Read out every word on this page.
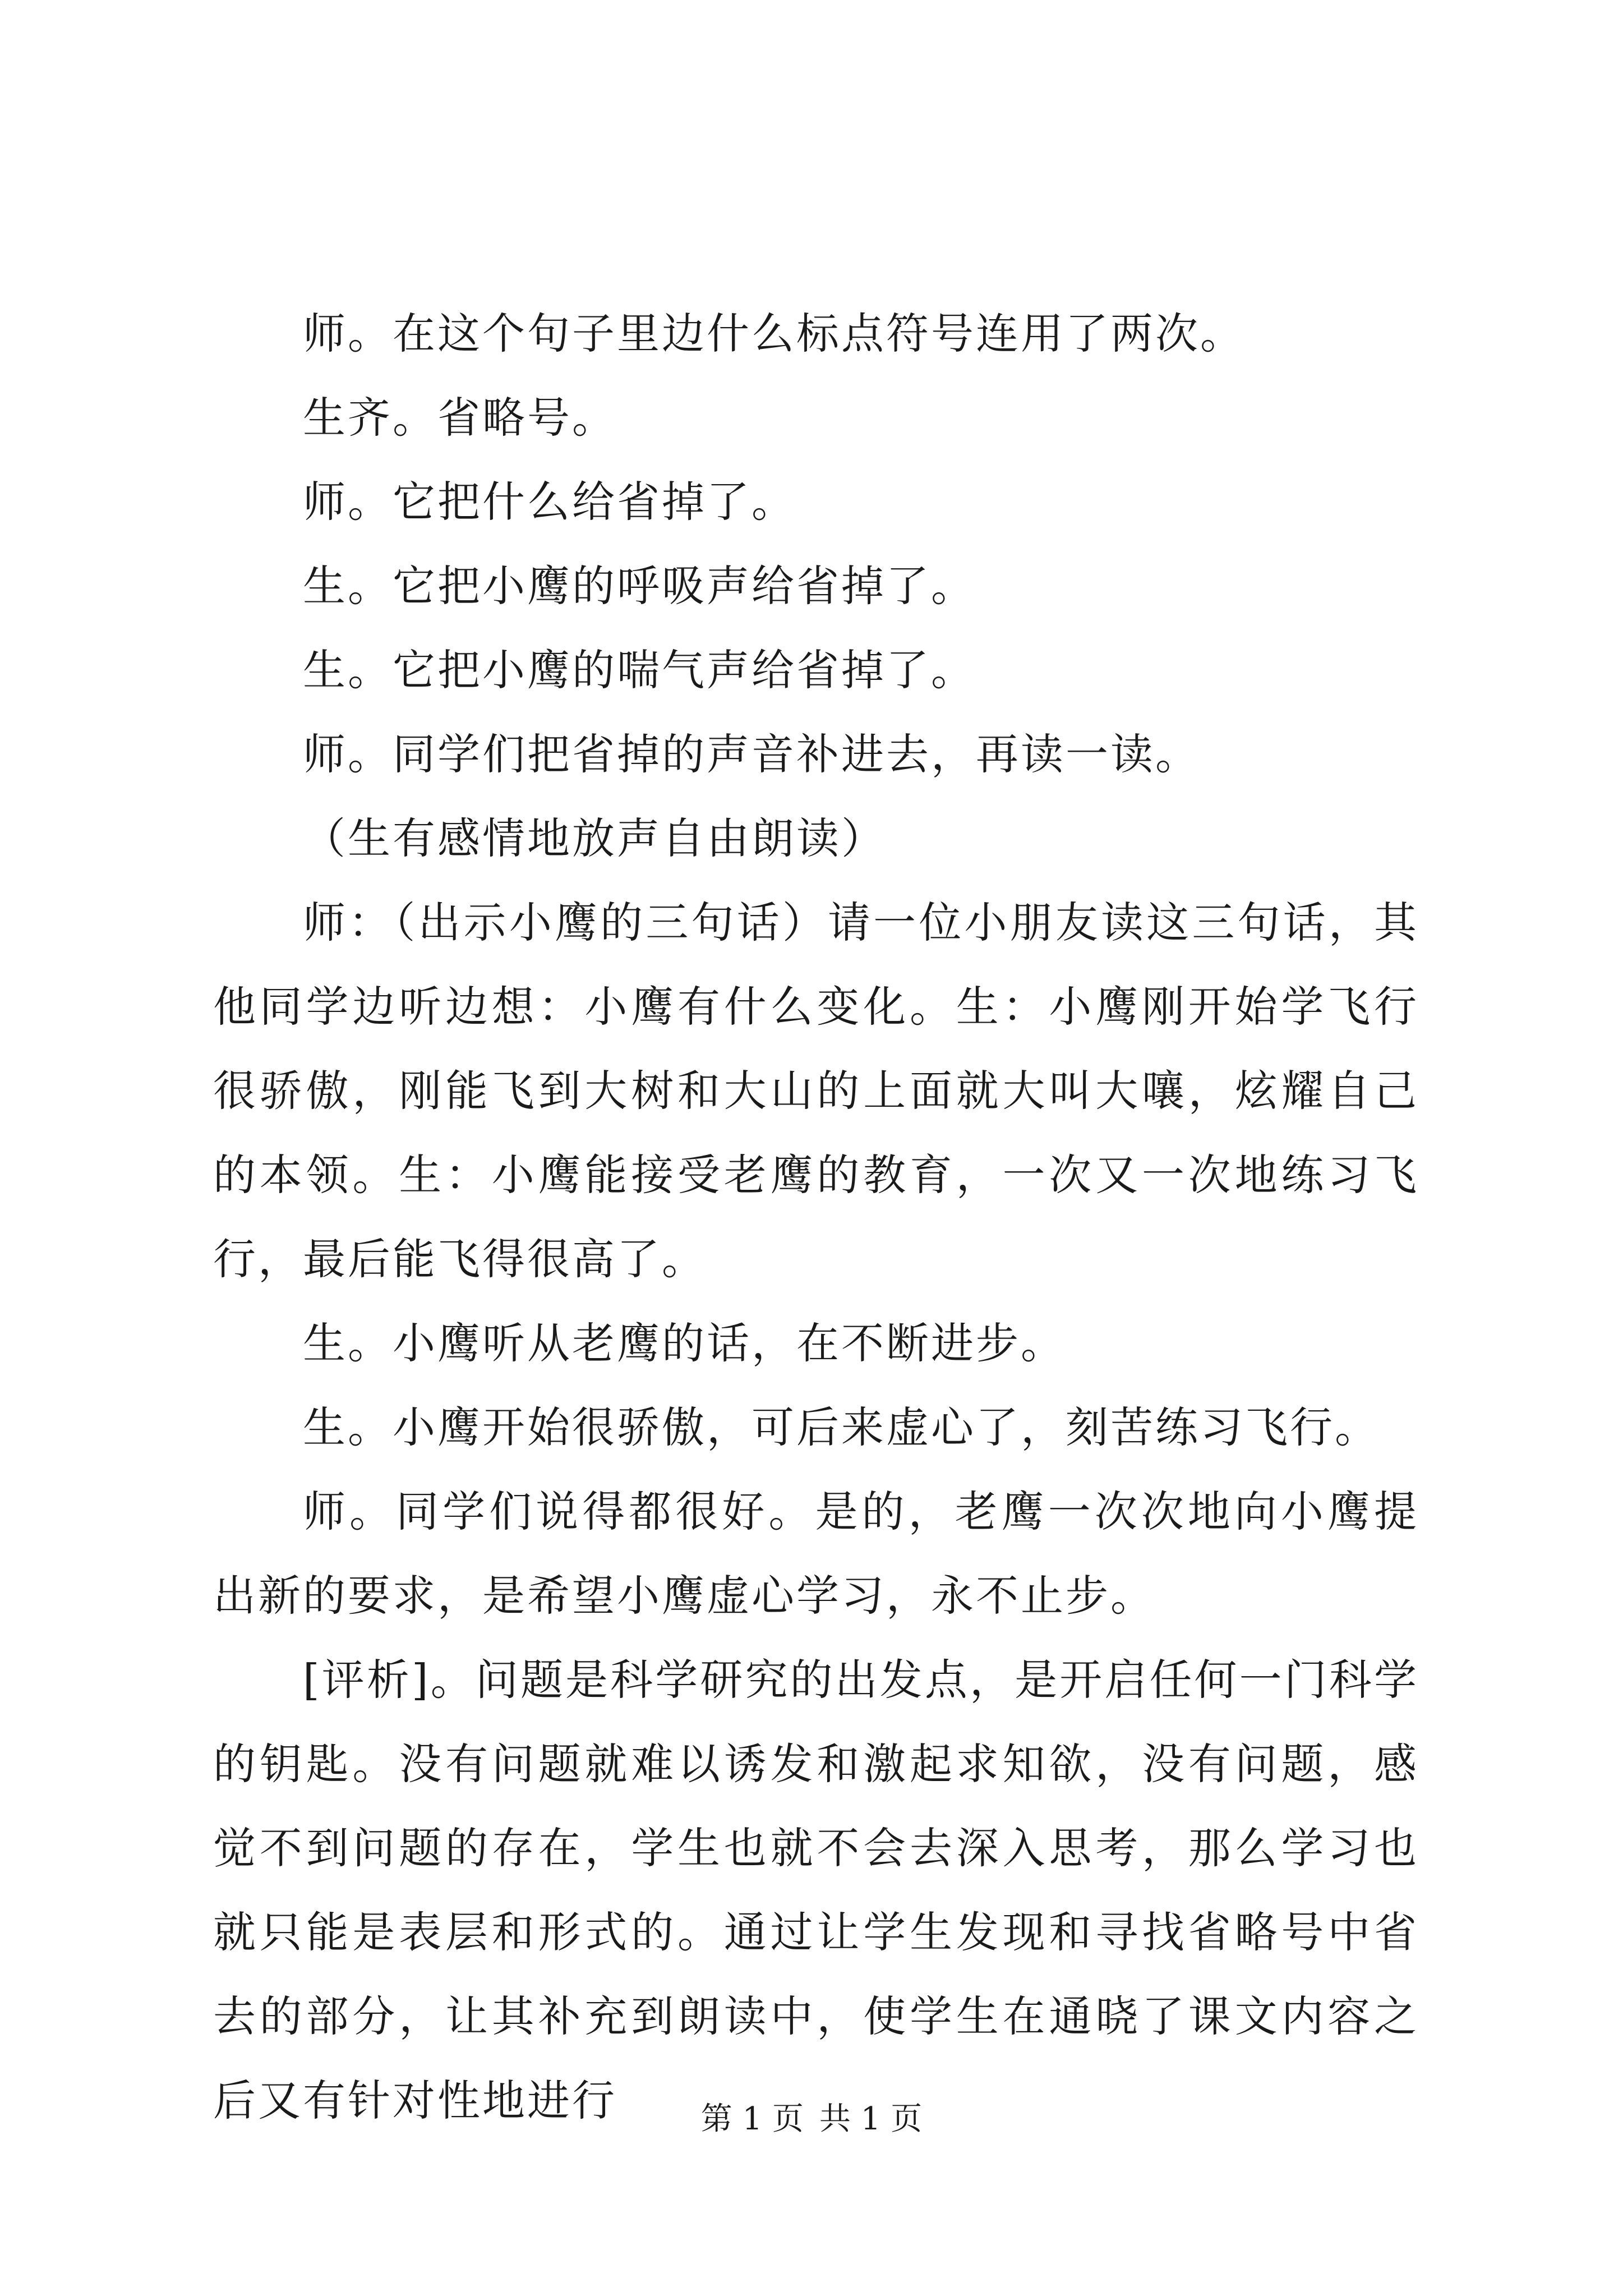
师。在这个句子里边什么标点符号连用了两次。

生齐。省略号。

师。它把什么给省掉了。

生。它把小鹰的呼吸声给省掉了。

生。它把小鹰的喘气声给省掉了。

师。同学们把省掉的声音补进去，再读一读。

（生有感情地放声自由朗读）

师：（出示小鹰的三句话）请一位小朋友读这三句话，其他同学边听边想：小鹰有什么变化。生：小鹰刚开始学飞行很骄傲，刚能飞到大树和大山的上面就大叫大嚷，炫耀自己的本领。生：小鹰能接受老鹰的教育，一次又一次地练习飞行，最后能飞得很高了。

生。小鹰听从老鹰的话，在不断进步。

生。小鹰开始很骄傲，可后来虚心了，刻苦练习飞行。

师。同学们说得都很好。是的，老鹰一次次地向小鹰提出新的要求，是希望小鹰虚心学习，永不止步。

[评析]。问题是科学研究的出发点，是开启任何一门科学的钥匙。没有问题就难以诱发和激起求知欲，没有问题，感觉不到问题的存在，学生也就不会去深入思考，那么学习也就只能是表层和形式的。通过让学生发现和寻找省略号中省去的部分，让其补充到朗读中，使学生在通晓了课文内容之后又有针对性地进行	第 1 页 共 1 页
